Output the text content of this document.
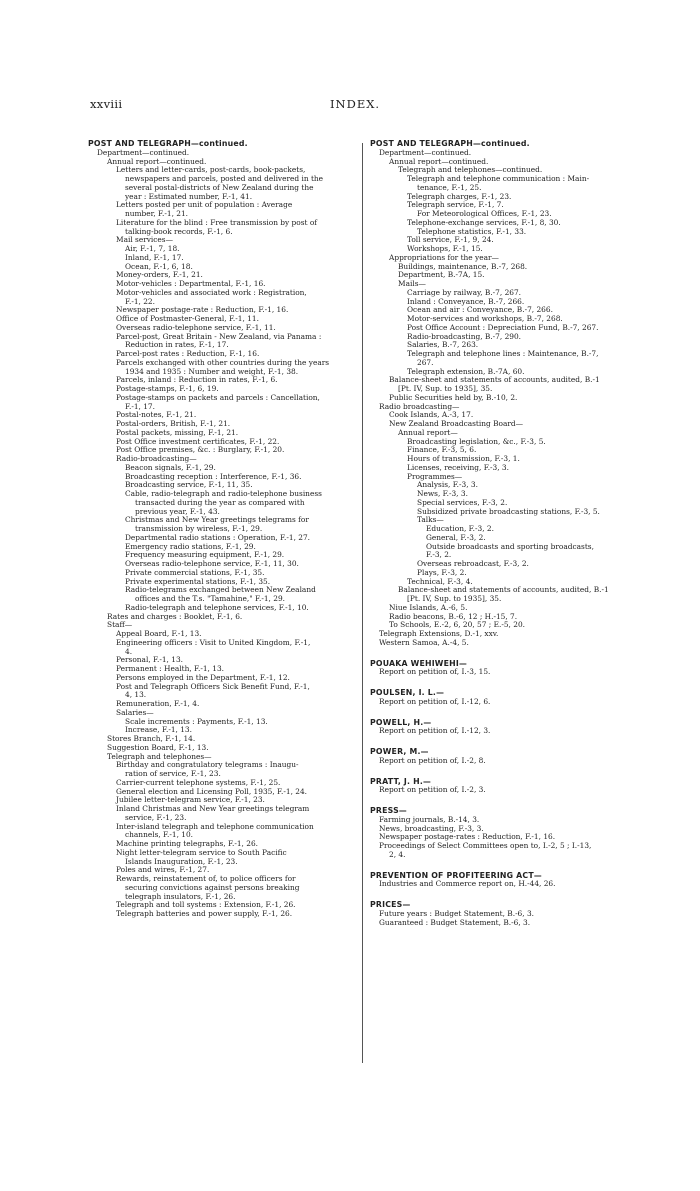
xxviii	INDEX.
POST AND TELEGRAPH—continued.
Department—continued.
Annual report—continued.
Letters and letter-cards, post-cards, book-packets,
newspapers and parcels, posted and delivered in the
several postal-districts of New Zealand during the
year : Estimated number, F.-1, 41.
Letters posted per unit of population : Average
number, F.-1, 21.
Literature for the blind : Free transmission by post of
talking-book records, F.-1, 6.
Mail services—
Air, F.-1, 7, 18.
Inland, F.-1, 17.
Ocean, F.-1, 6, 18.
Money-orders, F.-1, 21.
Motor-vehicles : Departmental, F.-1, 16.
Motor-vehicles and associated work : Registration,
F.-1, 22.
Newspaper postage-rate : Reduction, F.-1, 16.
Office of Postmaster-General, F.-1, 11.
Overseas radio-telephone service, F.-1, 11.
Parcel-post, Great Britain - New Zealand, via Panama :
Reduction in rates, F.-1, 17.
Parcel-post rates : Reduction, F.-1, 16.
Parcels exchanged with other countries during the years
1934 and 1935 : Number and weight, F.-1, 38.
Parcels, inland : Reduction in rates, F.-1, 6.
Postage-stamps, F.-1, 6, 19.
Postage-stamps on packets and parcels : Cancellation,
F.-1, 17.
Postal-notes, F.-1, 21.
Postal-orders, British, F.-1, 21.
Postal packets, missing, F.-1, 21.
Post Office investment certificates, F.-1, 22.
Post Office premises, &c. : Burglary, F.-1, 20.
Radio-broadcasting—
Beacon signals, F.-1, 29.
Broadcasting reception : Interference, F.-1, 36.
Broadcasting service, F.-1, 11, 35.
Cable, radio-telegraph and radio-telephone business
transacted during the year as compared with
previous year, F.-1, 43.
Christmas and New Year greetings telegrams for
transmission by wireless, F.-1, 29.
Departmental radio stations : Operation, F.-1, 27.
Emergency radio stations, F.-1, 29.
Frequency measuring equipment, F.-1, 29.
Overseas radio-telephone service, F.-1, 11, 30.
Private commercial stations, F.-1, 35.
Private experimental stations, F.-1, 35.
Radio-telegrams exchanged between New Zealand
offices and the T.s. "Tamahine," F.-1, 29.
Radio-telegraph and telephone services, F.-1, 10.
Rates and charges : Booklet, F.-1, 6.
Staff—
Appeal Board, F.-1, 13.
Engineering officers : Visit to United Kingdom, F.-1,
4.
Personal, F.-1, 13.
Permanent : Health, F.-1, 13.
Persons employed in the Department, F.-1, 12.
Post and Telegraph Officers Sick Benefit Fund, F.-1,
4, 13.
Remuneration, F.-1, 4.
Salaries—
Scale increments : Payments, F.-1, 13.
Increase, F.-1, 13.
Stores Branch, F.-1, 14.
Suggestion Board, F.-1, 13.
Telegraph and telephones—
Birthday and congratulatory telegrams : Inaugu-
ration of service, F.-1, 23.
Carrier-current telephone systems, F.-1, 25.
General election and Licensing Poll, 1935, F.-1, 24.
Jubilee letter-telegram service, F.-1, 23.
Inland Christmas and New Year greetings telegram
service, F.-1, 23.
Inter-island telegraph and telephone communication
channels, F.-1, 10.
Machine printing telegraphs, F.-1, 26.
Night letter-telegram service to South Pacific
Islands Inauguration, F.-1, 23.
Poles and wires, F.-1, 27.
Rewards, reinstatement of, to police officers for
securing convictions against persons breaking
telegraph insulators, F.-1, 26.
Telegraph and toll systems : Extension, F.-1, 26.
Telegraph batteries and power supply, F.-1, 26.
POST AND TELEGRAPH—continued.
Department—continued.
Annual report—continued.
Telegraph and telephones—continued.
Telegraph and telephone communication : Main-
tenance, F.-1, 25.
Telegraph charges, F.-1, 23.
Telegraph service, F.-1, 7.
For Meteorological Offices, F.-1, 23.
Telephone-exchange services, F.-1, 8, 30.
Telephone statistics, F.-1, 33.
Toll service, F.-1, 9, 24.
Workshops, F.-1, 15.
Appropriations for the year—
Buildings, maintenance, B.-7, 268.
Department, B.-7A, 15.
Mails—
Carriage by railway, B.-7, 267.
Inland : Conveyance, B.-7, 266.
Ocean and air : Conveyance, B.-7, 266.
Motor-services and workshops, B.-7, 268.
Post Office Account : Depreciation Fund, B.-7, 267.
Radio-broadcasting, B.-7, 290.
Salaries, B.-7, 263.
Telegraph and telephone lines : Maintenance, B.-7,
267.
Telegraph extension, B.-7A, 60.
Balance-sheet and statements of accounts, audited, B.-1
[Pt. IV, Sup. to 1935], 35.
Public Securities held by, B.-10, 2.
Radio broadcasting—
Cook Islands, A.-3, 17.
New Zealand Broadcasting Board—
Annual report—
Broadcasting legislation, &c., F.-3, 5.
Finance, F.-3, 5, 6.
Hours of transmission, F.-3, 1.
Licenses, receiving, F.-3, 3.
Programmes—
Analysis, F.-3, 3.
News, F.-3, 3.
Special services, F.-3, 2.
Subsidized private broadcasting stations, F.-3, 5.
Talks—
Education, F.-3, 2.
General, F.-3, 2.
Outside broadcasts and sporting broadcasts,
F.-3, 2.
Overseas rebroadcast, F.-3, 2.
Plays, F.-3, 2.
Technical, F.-3, 4.
Balance-sheet and statements of accounts, audited, B.-1
[Pt. IV, Sup. to 1935], 35.
Niue Islands, A.-6, 5.
Radio beacons, B.-6, 12 ; H.-15, 7.
To Schools, E.-2, 6, 20, 57 ; E.-5, 20.
Telegraph Extensions, D.-1, xxv.
Western Samoa, A.-4, 5.
POUAKA WEHIWEHI—
Report on petition of, I.-3, 15.
POULSEN, I. L.—
Report on petition of, I.-12, 6.
POWELL, H.—
Report on petition of, I.-12, 3.
POWER, M.—
Report on petition of, I.-2, 8.
PRATT, J. H.—
Report on petition of, I.-2, 3.
PRESS—
Farming journals, B.-14, 3.
News, broadcasting, F.-3, 3.
Newspaper postage-rates : Reduction, F.-1, 16.
Proceedings of Select Committees open to, I.-2, 5 ; I.-13,
2, 4.
PREVENTION OF PROFITEERING ACT—
Industries and Commerce report on, H.-44, 26.
PRICES—
Future years : Budget Statement, B.-6, 3.
Guaranteed : Budget Statement, B.-6, 3.
